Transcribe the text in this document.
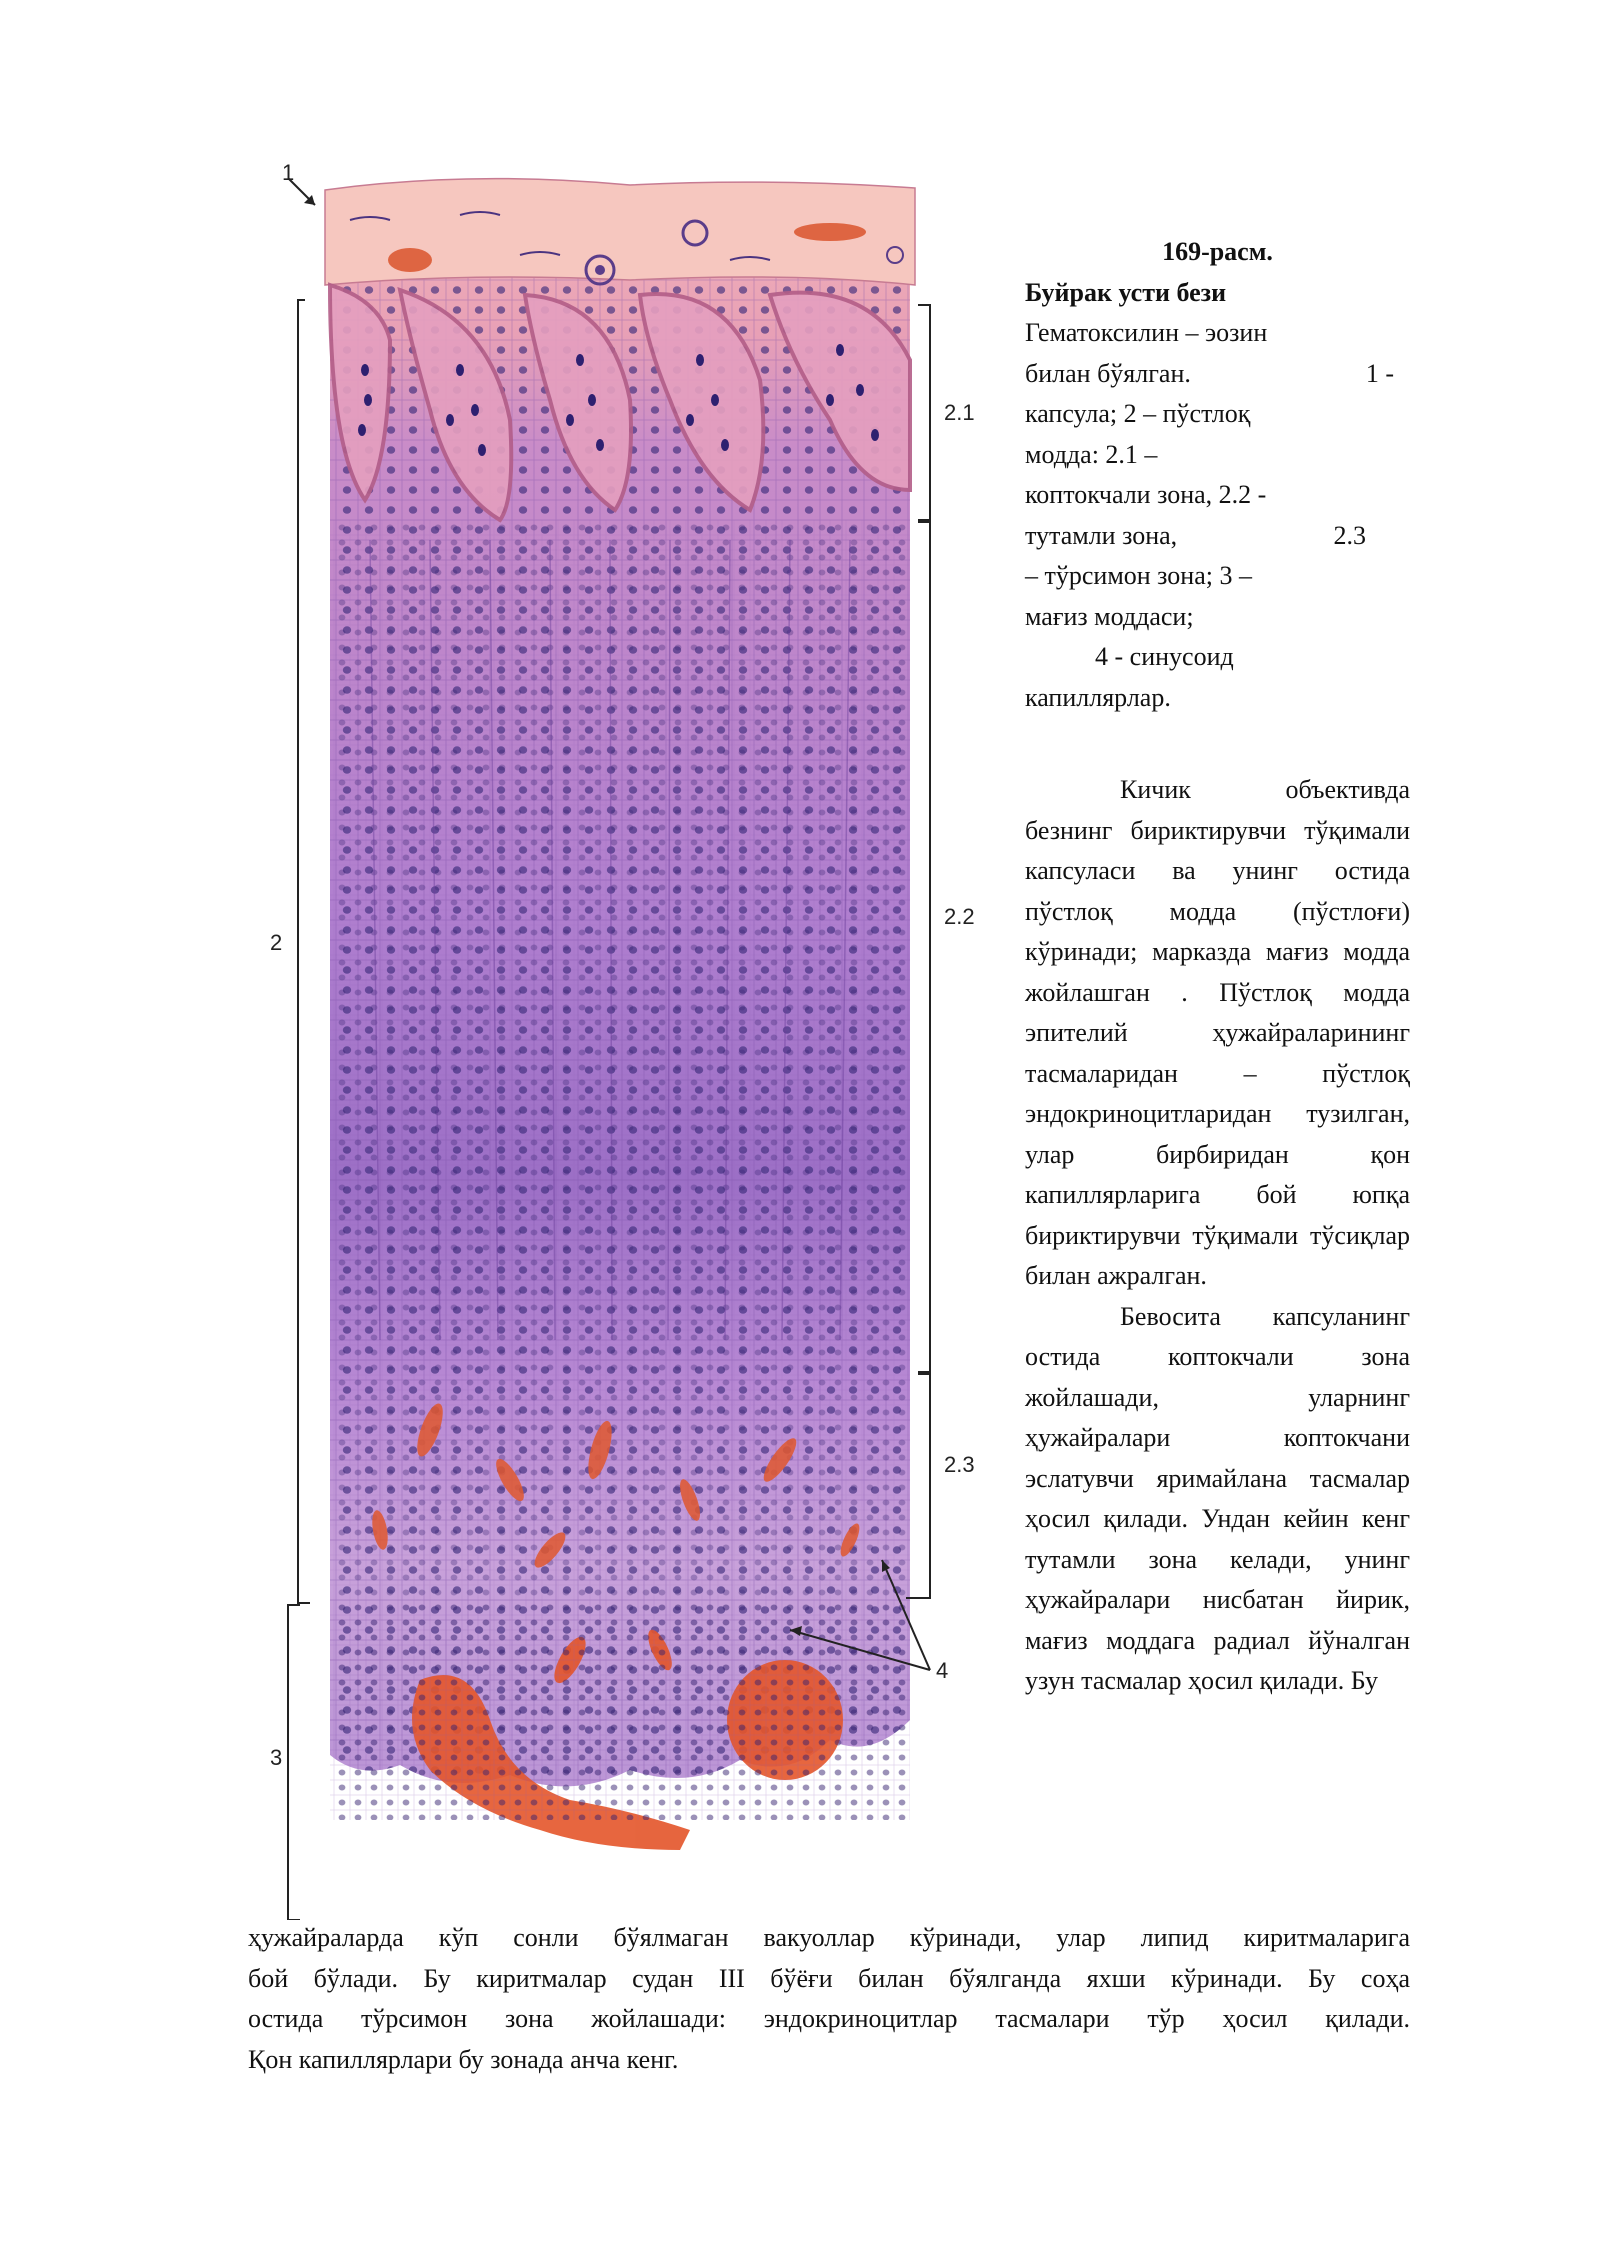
1
2
2.1
2.2
2.3
3
4
169-расм.
Буйрак усти бези
Гематоксилин – эозин
билан бўялган.	1 -
капсула; 2 – пўстлоқ
модда: 2.1 –
коптокчали зона, 2.2 -
тутамли зона,	2.3
– тўрсимон зона; 3 –
мағиз моддаси;
4 - синусоид
капиллярлар.

Кичик объективда безнинг бириктирувчи тўқимали капсуласи ва унинг остида пўстлоқ модда (пўстлоғи) кўринади; марказда мағиз модда жойлашган . Пўстлоқ модда эпителий ҳужайраларининг тасмаларидан – пўстлоқ эндокриноцитларидан тузилган, улар бирбиридан қон капиллярларига бой юпқа бириктирувчи тўқимали тўсиқлар билан ажралган.

Бевосита капсуланинг остида коптокчали зона жойлашади, уларнинг ҳужайралари коптокчани эслатувчи яримайлана тасмалар ҳосил қилади. Ундан кейин кенг тутамли зона келади, унинг ҳужайралари нисбатан йирик, мағиз моддага радиал йўналган узун тасмалар ҳосил қилади. Бу

ҳужайраларда кўп сонли бўялмаган вакуоллар кўринади, улар липид киритмаларига
бой бўлади. Бу киритмалар судан III бўёғи билан бўялганда яхши кўринади. Бу соҳа
остида тўрсимон зона жойлашади: эндокриноцитлар тасмалари тўр ҳосил қилади.
Қон капиллярлари бу зонада анча кенг.
